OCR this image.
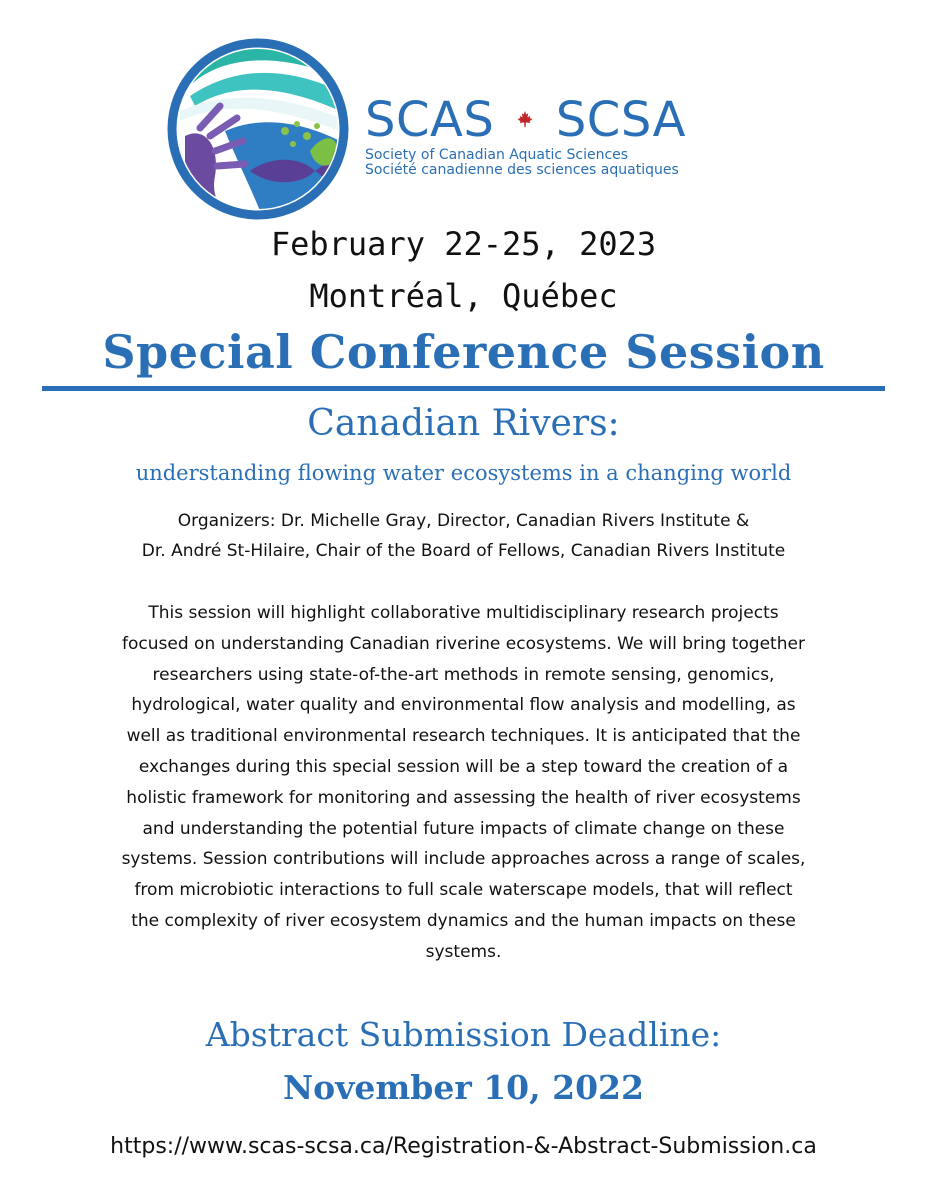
SCAS SCSA
Society of Canadian Aquatic Sciences
Société canadienne des sciences aquatiques
February 22-25, 2023
Montréal, Québec
Special Conference Session
Canadian Rivers:
understanding flowing water ecosystems in a changing world
Organizers: Dr. Michelle Gray, Director, Canadian Rivers Institute &
Dr. André St-Hilaire, Chair of the Board of Fellows, Canadian Rivers Institute
This session will highlight collaborative multidisciplinary research projects
focused on understanding Canadian riverine ecosystems. We will bring together
researchers using state-of-the-art methods in remote sensing, genomics,
hydrological, water quality and environmental flow analysis and modelling, as
well as traditional environmental research techniques. It is anticipated that the
exchanges during this special session will be a step toward the creation of a
holistic framework for monitoring and assessing the health of river ecosystems
and understanding the potential future impacts of climate change on these
systems. Session contributions will include approaches across a range of scales,
from microbiotic interactions to full scale waterscape models, that will reflect
the complexity of river ecosystem dynamics and the human impacts on these
systems.
Abstract Submission Deadline:
November 10, 2022
https://www.scas-scsa.ca/Registration-&-Abstract-Submission.ca
